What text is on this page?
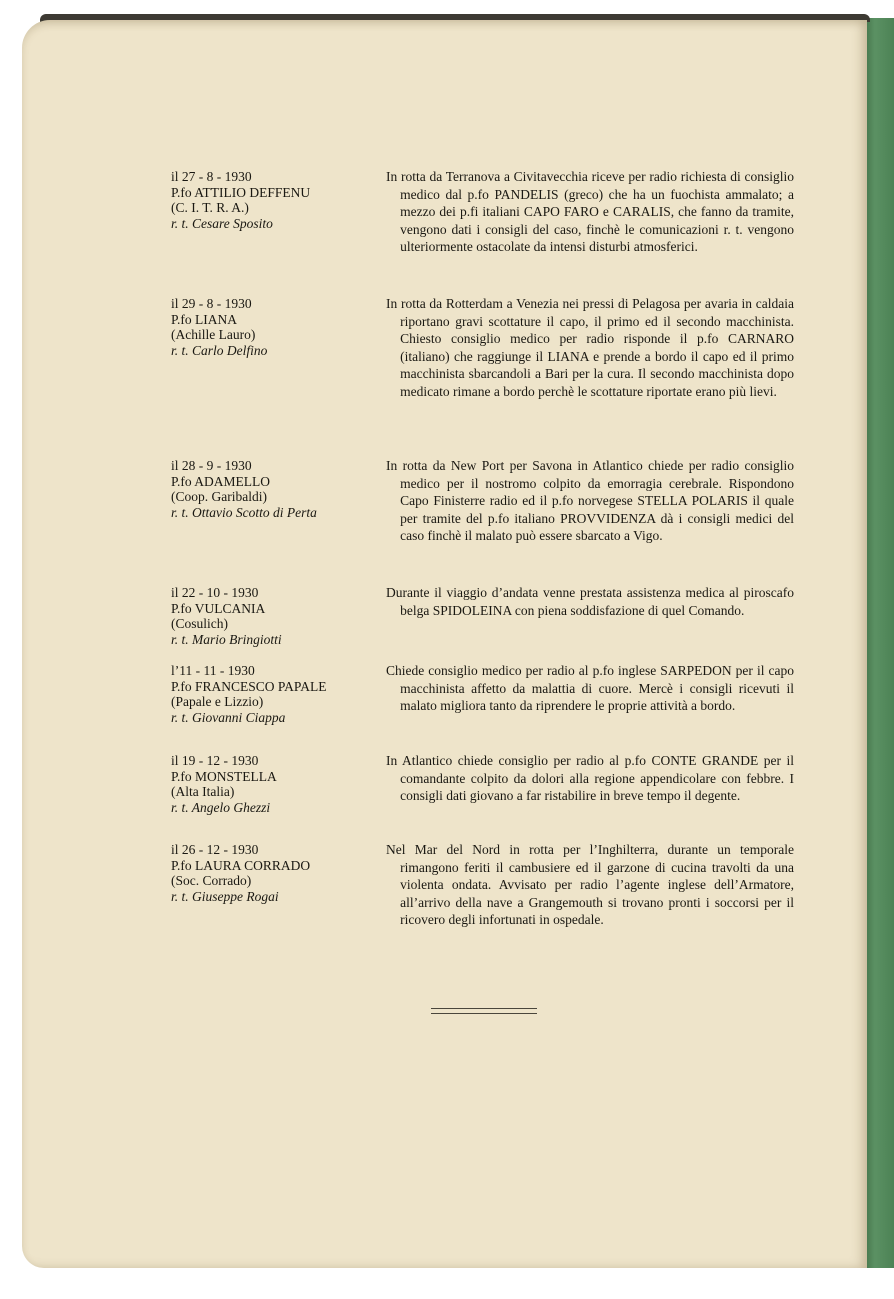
il 27 - 8 - 1930
P.fo ATTILIO DEFFENU
(C. I. T. R. A.)
r. t. Cesare Sposito
In rotta da Terranova a Civitavecchia riceve per radio richiesta di consiglio medico dal p.fo PANDELIS (greco) che ha un fuochista ammalato; a mezzo dei p.fi italiani CAPO FARO e CARALIS, che fanno da tramite, vengono dati i consigli del caso, finchè le comunicazioni r. t. vengono ulteriormente ostacolate da intensi disturbi atmosferici.
il 29 - 8 - 1930
P.fo LIANA
(Achille Lauro)
r. t. Carlo Delfino
In rotta da Rotterdam a Venezia nei pressi di Pelagosa per avaria in caldaia riportano gravi scottature il capo, il primo ed il secondo macchinista. Chiesto consiglio medico per radio risponde il p.fo CARNARO (italiano) che raggiunge il LIANA e prende a bordo il capo ed il primo macchinista sbarcandoli a Bari per la cura. Il secondo macchinista dopo medicato rimane a bordo perchè le scottature riportate erano più lievi.
il 28 - 9 - 1930
P.fo ADAMELLO
(Coop. Garibaldi)
r. t. Ottavio Scotto di Perta
In rotta da New Port per Savona in Atlantico chiede per radio consiglio medico per il nostromo colpito da emorragia cerebrale. Rispondono Capo Finisterre radio ed il p.fo norvegese STELLA POLARIS il quale per tramite del p.fo italiano PROVVIDENZA dà i consigli medici del caso finchè il malato può essere sbarcato a Vigo.
il 22 - 10 - 1930
P.fo VULCANIA
(Cosulich)
r. t. Mario Bringiotti
Durante il viaggio d’andata venne prestata assistenza medica al piroscafo belga SPIDOLEINA con piena soddisfazione di quel Comando.
l’11 - 11 - 1930
P.fo FRANCESCO PAPALE
(Papale e Lizzio)
r. t. Giovanni Ciappa
Chiede consiglio medico per radio al p.fo inglese SARPEDON per il capo macchinista affetto da malattia di cuore. Mercè i consigli ricevuti il malato migliora tanto da riprendere le proprie attività a bordo.
il 19 - 12 - 1930
P.fo MONSTELLA
(Alta Italia)
r. t. Angelo Ghezzi
In Atlantico chiede consiglio per radio al p.fo CONTE GRANDE per il comandante colpito da dolori alla regione appendicolare con febbre. I consigli dati giovano a far ristabilire in breve tempo il degente.
il 26 - 12 - 1930
P.fo LAURA CORRADO
(Soc. Corrado)
r. t. Giuseppe Rogai
Nel Mar del Nord in rotta per l’Inghilterra, durante un temporale rimangono feriti il cambusiere ed il garzone di cucina travolti da una violenta ondata. Avvisato per radio l’agente inglese dell’Armatore, all’arrivo della nave a Grangemouth si trovano pronti i soccorsi per il ricovero degli infortunati in ospedale.
